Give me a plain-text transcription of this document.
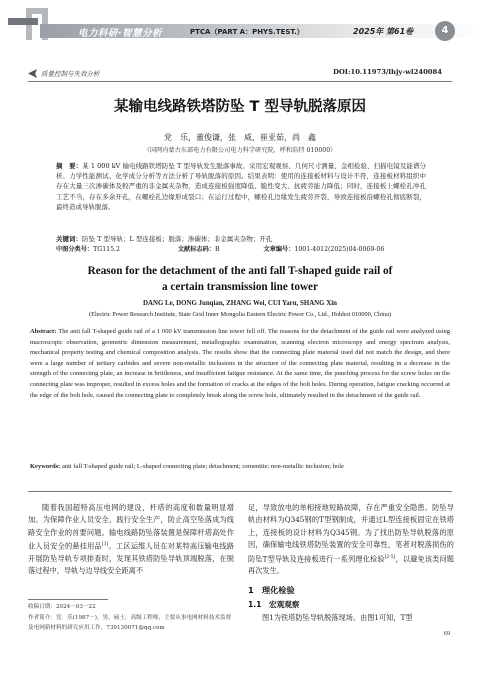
电力科研·智慧分析	PTCA（PART A：PHYS.TEST.）	2025年 第61卷	4
质量控制与失效分析	DOI:10.11973/lhjy-wl240084
某输电线路铁塔防坠 T 型导轨脱落原因
党　乐，董俊谦，张　威，崔亚茹，尚　鑫
（国网内蒙古东部电力有限公司电力科学研究院，呼和浩特 010000）
摘　要：某 1 000 kV 输电线路铁塔防坠 T 型导轨发生脱落事故。采用宏观观察、几何尺寸测量、金相检验、扫描电镜及能谱分析、力学性能测试、化学成分分析等方法分析了导轨脱落的原因。结果表明：使用的连接板材料与设计不符，连接板材料组织中存在大量三次渗碳体及較严重的非金属夹杂物，造成连接板强度降低、脆性变大、抗疲劳能力降低；同时，连接板上螺栓孔冲孔工艺不当，存在多余开孔，在螺栓孔边缘形成裂口；在运行过程中，螺栓孔边缘发生疲劳开裂，导致连接板沿螺栓孔彻底断裂，最终造成导轨脱落。
关键词：防坠 T 型导轨；L 型连接板；脱落；渗碳体；非金属夹杂物；开孔
中图分类号：TG115.2	文献标志码：B	文章编号：1001-4012(2025)04-0069-06
Reason for the detachment of the anti fall T-shaped guide rail of
a certain transmission line tower
DANG Le, DONG Junqian, ZHANG Wei, CUI Yaru, SHANG Xin
(Electric Power Research Institute, State Grid Inner Mongolia Eastern Electric Power Co., Ltd., Hohhot 010000, China)
Abstract: The anti fall T-shaped guide rail of a 1 000 kV transmission line tower fell off. The reasons for the detachment of the guide rail were analyzed using macroscopic observation, geometric dimension measurement, metallographic examination, scanning electron microscopy and energy spectrum analysis, mechanical property testing and chemical composition analysis. The results show that the connecting plate material used did not match the design, and there were a large number of tertiary carbides and severe non-metallic inclusions in the structure of the connecting plate material, resulting in a decrease in the strength of the connecting plate, an increase in brittleness, and insufficient fatigue resistance. At the same time, the punching process for the screw holes on the connecting plate was improper, resulted in excess holes and the formation of cracks at the edges of the bolt holes. During operation, fatigue cracking occurred at the edge of the bolt hole, caused the connecting plate to completely break along the screw hole, ultimately resulted in the detachment of the guide rail.
Keywords: anti fall T-shaped guide rail; L-shaped connecting plate; detachment; cementite; non-metallic inclusion; hole
随着我国超特高压电网的建设，杆塔的高度和数量明显增加。为保障作业人员安全，践行安全生产，防止高空坠落成为线路安全作业的首要问题。输电线路防坠落装置是保障杆塔高处作业人员安全的悬挂用品[1]。工区运维人员在对某特高压输电线路开展防坠导轨专项排查时，发现其铁塔防坠导轨顶端脱落，在脱落过程中，导轨与边导线安全距离不
收稿日期：2024－03－22
作者简介：党　乐(1987－)，男，硕士，高级工程师，主要从事电网材料技术监督及电网新材料的研究应用工作，739130071@qq.com
足，导致放电的单相接地短路故障，存在严重安全隐患。防坠导轨由材料为Q345钢的T型钢制成，并通过L型连接板固定在铁塔上，连接板的设计材料为Q345钢。为了找出防坠导轨脱落的原因，确保输电线铁塔防坠装置的安全可靠性，笔者对脱落损伤的防坠T型导轨及连接板进行一系列理化检验[2-5]，以避免该类问题再次发生。
1　理化检验
1.1　宏观观察
图1为铁塔防坠导轨脱落现场。由图1可知，T型
69
